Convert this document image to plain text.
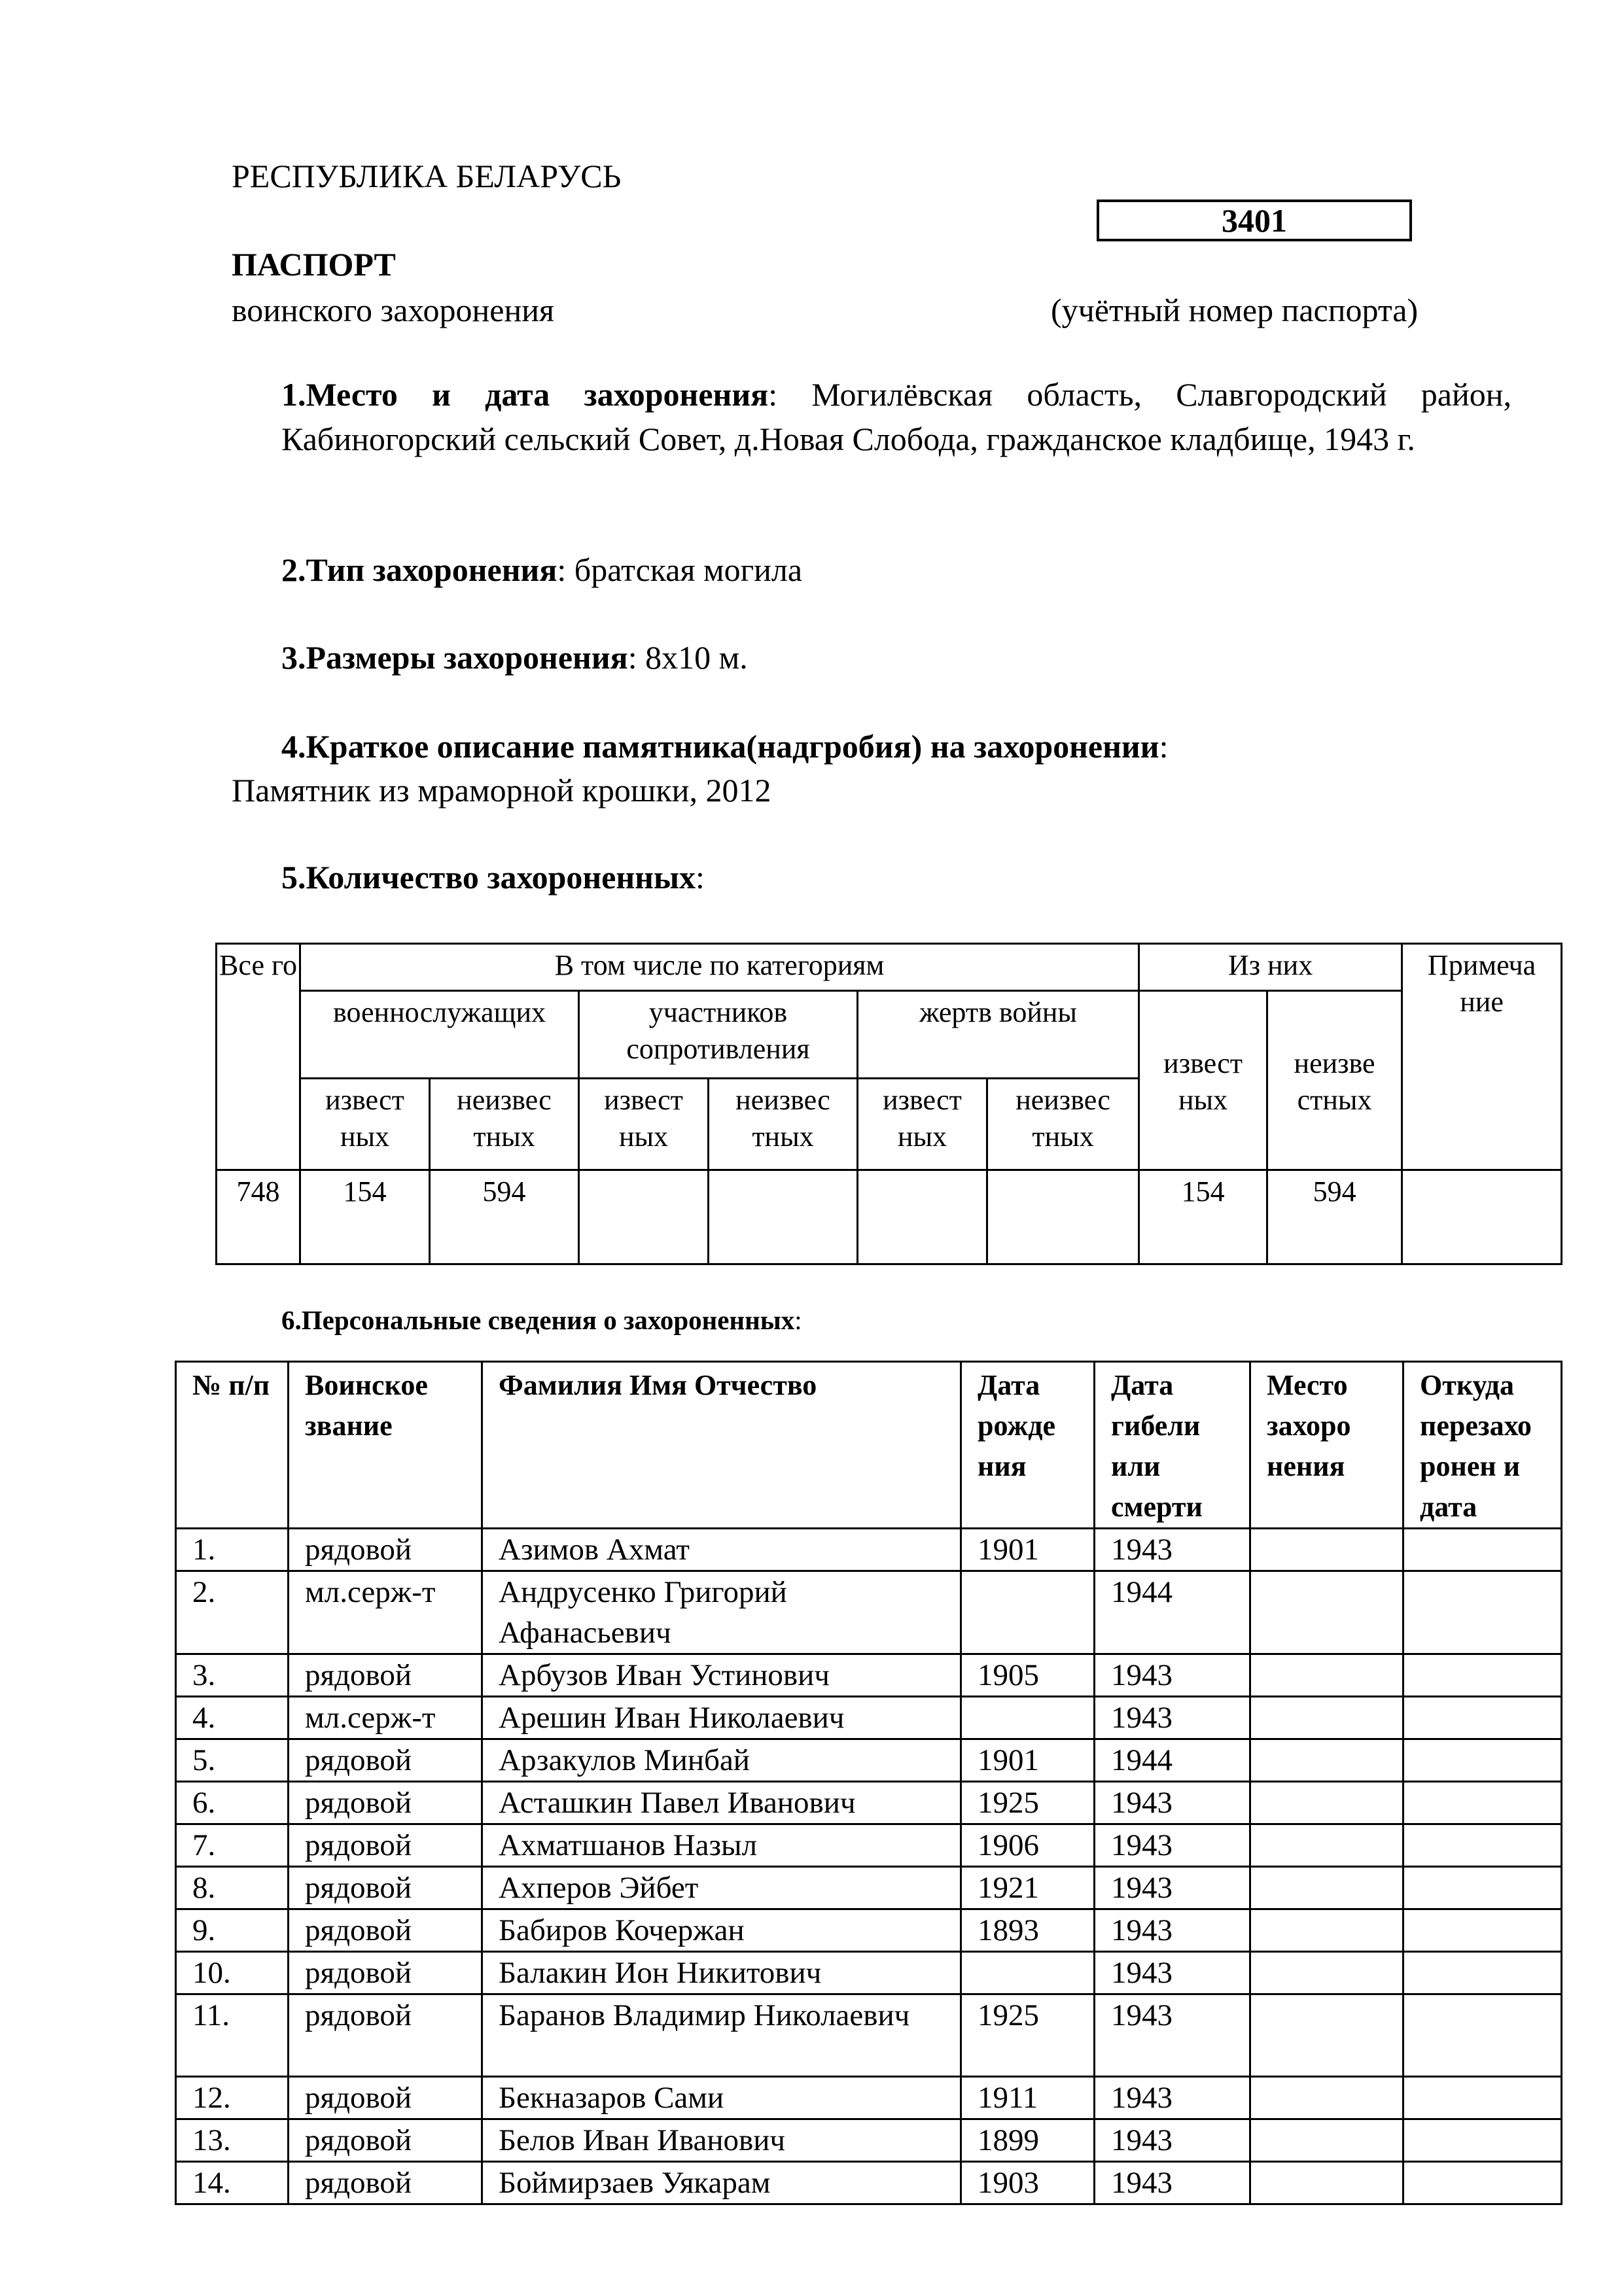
РЕСПУБЛИКА БЕЛАРУСЬ
3401
ПАСПОРТ
воинского захоронения	(учётный номер паспорта)
1.Место и дата захоронения: Могилёвская область, Славгородский район, Кабиногорский сельский Совет, д.Новая Слобода, гражданское кладбище, 1943 г.
2.Тип захоронения: братская могила
3.Размеры захоронения: 8х10 м.
4.Краткое описание памятника(надгробия) на захоронении:
Памятник из мраморной крошки, 2012
5.Количество захороненных:
Все го	В том числе по категориям						Из них		Примеча ние
	военнослужащих		участников сопротивления		жертв войны		извест ных	неизве стных	
	извест ных	неизвес тных	извест ных	неизвес тных	извест ных	неизвес тных			
748	154	594					154	594	
6.Персональные сведения о захороненных:
№ п/п	Воинское звание	Фамилия Имя Отчество	Дата рожде ния	Дата гибели или смерти	Место захоро нения	Откуда перезахо ронен и дата
1.	рядовой	Азимов Ахмат	1901	1943		
2.	мл.серж-т	Андрусенко Григорий Афанасьевич		1944		
3.	рядовой	Арбузов Иван Устинович	1905	1943		
4.	мл.серж-т	Арешин Иван Николаевич		1943		
5.	рядовой	Арзакулов Минбай	1901	1944		
6.	рядовой	Асташкин Павел Иванович	1925	1943		
7.	рядовой	Ахматшанов Назыл	1906	1943		
8.	рядовой	Ахперов Эйбет	1921	1943		
9.	рядовой	Бабиров Кочержан	1893	1943		
10.	рядовой	Балакин Ион Никитович		1943		
11.	рядовой	Баранов Владимир Николаевич	1925	1943		
12.	рядовой	Бекназаров Сами	1911	1943		
13.	рядовой	Белов Иван Иванович	1899	1943		
14.	рядовой	Боймирзаев Уякарам	1903	1943		
